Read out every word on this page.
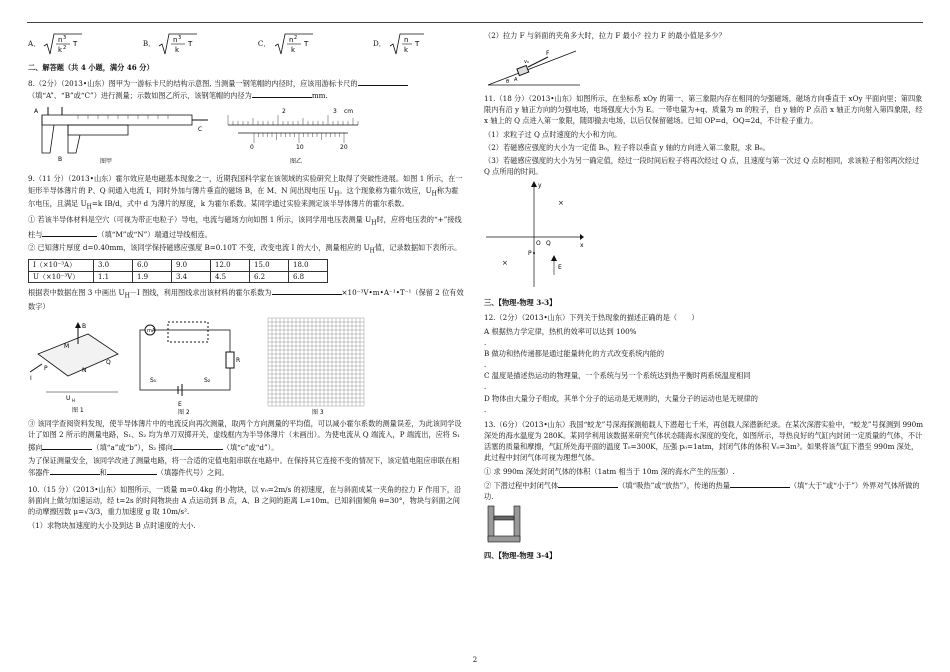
A．	n 3
k 2 T	B．	n 3
k
T	C．	n 2
k
T	D．	n
k
T
二、解答题（共 4 小题，满分 46 分）

8.（2分）（2013•山东）图甲为一游标卡尺的结构示意图, 当测量一钢笔帽的内径时，应该用游标卡尺的（填“A”、“B”或“C”）进行测量；示数如图乙所示，该钢笔帽的内径为	mm.

A
C
B	图甲
2	3 cm
0	10	20
图乙

9.（11 分）（2013•山东）霍尔效应是电磁基本现象之一，近期我国科学家在该领域的实验研究上取得了突破性进展。如图 1 所示，在一矩形半导体薄片的 P、Q 间通入电流 I，同时外加与薄片垂直的磁场 B，在 M、N 间出现电压 $U_H$。这个现象称为霍尔效应，$U_H$称为霍尔电压，且满足 $U_H=k$ IB/d，式中 d 为薄片的厚度，k 为霍尔系数。某同学通过实验来测定该半导体薄片的霍尔系数。

① 若该半导体材料是空穴（可视为带正电粒子）导电，电流与磁场方向如图 1 所示，该同学用电压表测量 $U_H$时，应将电压表的“+”接线柱与	（填“M”或“N”）端通过导线相连。

② 已知薄片厚度 d=0.40mm，该同学保持磁感应强度 B=0.10T 不变，改变电流 I 的大小，测量相应的 $U_H$值，记录数据如下表所示。

I（×10⁻³A）	3.0	6.0	9.0	12.0	15.0	18.0
U（×10⁻³V）	1.1	1.9	3.4	4.5	6.2	6.8

根据表中数据在图 3 中画出 $U_H-I$ 图线，利用图线求出该材料的霍尔系数为	×10⁻³V•m•A⁻¹•T⁻¹（保留 2 位有效数字）

B
M
P
Q
N
I
U H
图 1
mA
R
S₁	S₂
E
图 2	图 3

③ 该同学查阅资料发现，使半导体薄片中的电流反向再次测量，取两个方向测量的平均值，可以减小霍尔系数的测量误差，为此该同学设计了如图 2 所示的测量电路，S₁、S₂ 均为单刀双掷开关，虚线框内为半导体薄片（未画出）。为使电流从 Q 端流入，P 端流出，应将 S₁ 掷向	（填“a”或“b”），S₂ 掷向	（填“c”或“d”）。

为了保证测量安全，该同学改进了测量电路，将一合适的定值电阻串联在电路中。在保持其它连接不变的情况下，该定值电阻应串联在相邻器件	和	（填器件代号）之间。

10.（15 分）（2013•山东）如图所示，一质量 m=0.4kg 的小物块，以 v₀=2m/s 的初速度，在与斜面成某一夹角的拉力 F 作用下，沿斜面向上做匀加速运动，经 t=2s 的时间物块由 A 点运动到 B 点，A、B 之间的距离 L=10m。已知斜面倾角 θ=30°，物块与斜面之间的动摩擦因数 μ=√3/3，重力加速度 g 取 10m/s².

（1）求物块加速度的大小及到达 B 点时速度的大小.

（2）拉力 F 与斜面的夹角多大时，拉力 F 最小？拉力 F 的最小值是多少？

F
A
θ
v₀

11.（18 分）（2013•山东）如图所示，在坐标系 xOy 的第一、第三象限内存在相同的匀强磁场，磁场方向垂直于 xOy 平面向里；第四象限内有沿 y 轴正方向的匀强电场，电场强度大小为 E。一带电量为+q、质量为 m 的粒子，自 y 轴的 P 点沿 x 轴正方向射入第四象限，经 x 轴上的 Q 点进入第一象限，随即撤去电场，以后仅保留磁场。已知 OP=d，OQ=2d，不计粒子重力。

（1）求粒子过 Q 点时速度的大小和方向。

（2）若磁感应强度的大小为一定值 B₀，粒子将以垂直 y 轴的方向进入第二象限，求 B₀。

（3）若磁感应强度的大小为另一确定值，经过一段时间后粒子将再次经过 Q 点，且速度与第一次过 Q 点时相同，求该粒子相邻两次经过 Q 点所用的时间。

x
y
×
×
O Q
P
E
三、【物理-物理 3-3】

12.（2分）（2013•山东）下列关于热现象的描述正确的是（　　）

A 根据热力学定律，热机的效率可以达到 100%

.

B 做功和热传递都是通过能量转化的方式改变系统内能的

.

C 温度是描述热运动的物理量，一个系统与另一个系统达到热平衡时两系统温度相同

.

D 物体由大量分子组成，其单个分子的运动是无规则的，大量分子的运动也是无规律的

.

13.（6分）（2013•山东）我国“蛟龙”号深海探测船载人下潜超七千米，再创载人深潜新纪录。在某次深潜实验中，“蛟龙”号探测到 990m 深处的海水温度为 280K。某同学利用该数据来研究气体状态随海水深度的变化，如图所示，导热良好的气缸内封闭一定质量的气体，不计活塞的质量和摩擦，气缸所处海平面的温度 T₀=300K，压强 p₀=1atm，封闭气体的体积 V₀=3m³。如果将该气缸下潜至 990m 深处，此过程中封闭气体可视为理想气体。

① 求 990m 深处封闭气体的体积（1atm 相当于 10m 深的海水产生的压强）.

② 下潜过程中封闭气体	（填“吸热”或“放热”），传递的热量	（填“大于”或“小于”）外界对气体所做的功.

四、【物理-物理 3-4】
2
